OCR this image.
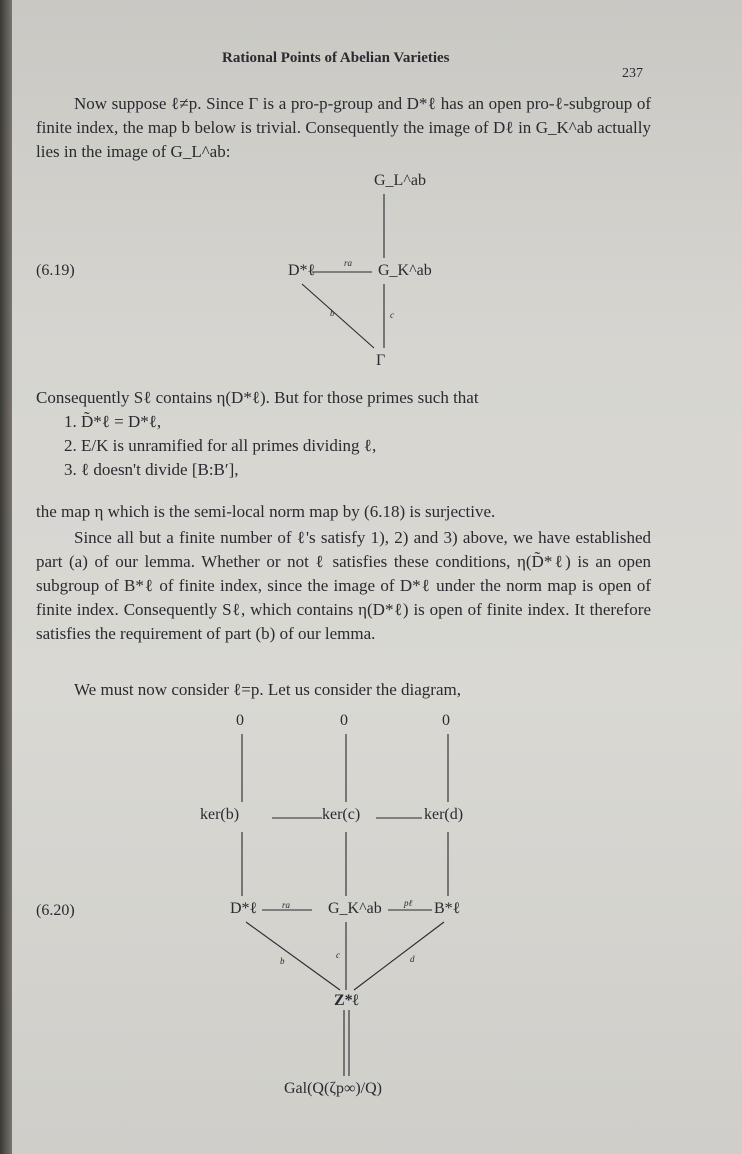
Rational Points of Abelian Varieties
237

Now suppose ℓ≠p. Since Γ is a pro-p-group and D*ℓ has an open pro-ℓ-subgroup of finite index, the map b below is trivial. Consequently the image of Dℓ in G_K^ab actually lies in the image of G_L^ab:

(6.19)
G_L^ab
D*ℓ	G_K^ab
Γ
ra
b	c

Consequently Sℓ contains η(D*ℓ). But for those primes such that

1. D̃*ℓ = D*ℓ,
2. E/K is unramified for all primes dividing ℓ,
3. ℓ doesn't divide [B:B′],

the map η which is the semi-local norm map by (6.18) is surjective.

Since all but a finite number of ℓ's satisfy 1), 2) and 3) above, we have established part (a) of our lemma. Whether or not ℓ satisfies these conditions, η(D̃*ℓ) is an open subgroup of B*ℓ of finite index, since the image of D*ℓ under the norm map is open of finite index. Consequently Sℓ, which contains η(D*ℓ) is open of finite index. It therefore satisfies the requirement of part (b) of our lemma.

We must now consider ℓ=p. Let us consider the diagram,

(6.20)
0	0	0
ker(b)	ker(c)	ker(d)
D*ℓ	G_K^ab	B*ℓ
ra	pℓ
b
c	d
Z*ℓ
Gal(Q(ζp∞)/Q)
